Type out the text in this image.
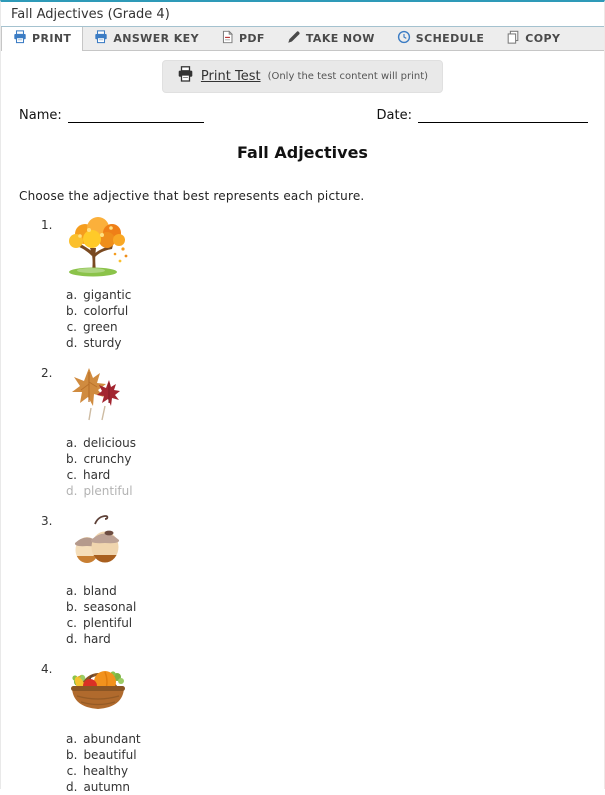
Fall Adjectives (Grade 4)
PRINT	ANSWER KEY	PDF	TAKE NOW	SCHEDULE	COPY
Print Test (Only the test content will print)
Name:	Date:
Fall Adjectives
Choose the adjective that best represents each picture.
1.
a. gigantic
b. colorful
c. green
d. sturdy
2.
a. delicious
b. crunchy
c. hard
d. plentiful
3.
a. bland
b. seasonal
c. plentiful
d. hard
4.
a. abundant
b. beautiful
c. healthy
d. autumn
